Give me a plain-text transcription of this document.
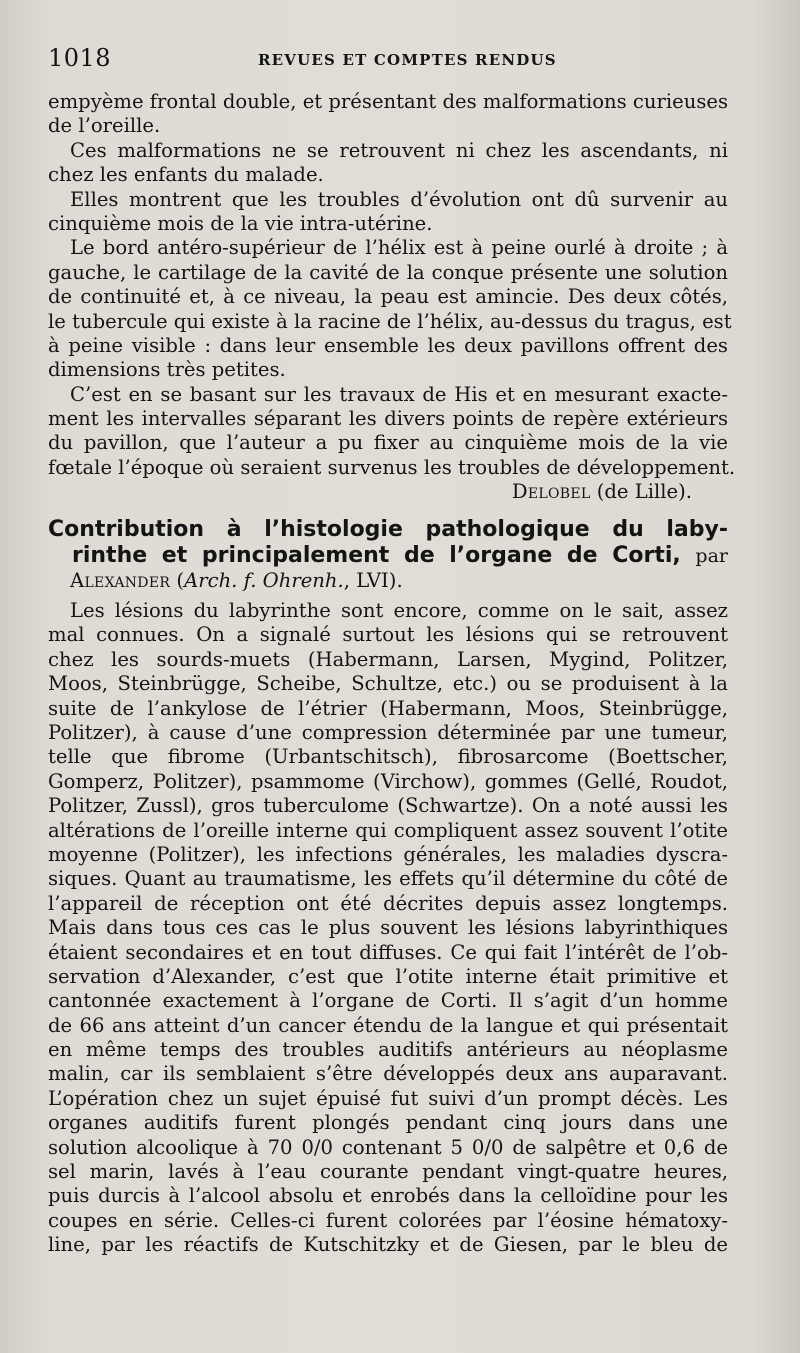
1018	REVUES ET COMPTES RENDUS
empyème frontal double, et présentant des malformations curieuses
de l’oreille.
Ces malformations ne se retrouvent ni chez les ascendants, ni
chez les enfants du malade.
Elles montrent que les troubles d’évolution ont dû survenir au
cinquième mois de la vie intra-utérine.
Le bord antéro-supérieur de l’hélix est à peine ourlé à droite ; à
gauche, le cartilage de la cavité de la conque présente une solution
de continuité et, à ce niveau, la peau est amincie. Des deux côtés,
le tubercule qui existe à la racine de l’hélix, au-dessus du tragus, est
à peine visible : dans leur ensemble les deux pavillons offrent des
dimensions très petites.
C’est en se basant sur les travaux de His et en mesurant exacte-
ment les intervalles séparant les divers points de repère extérieurs
du pavillon, que l’auteur a pu fixer au cinquième mois de la vie
fœtale l’époque où seraient survenus les troubles de développement.
Delobel (de Lille).
Contribution à l’histologie pathologique du laby-
rinthe et principalement de l’organe de Corti, par
Alexander (Arch. f. Ohrenh., LVI).
Les lésions du labyrinthe sont encore, comme on le sait, assez
mal connues. On a signalé surtout les lésions qui se retrouvent
chez les sourds-muets (Habermann, Larsen, Mygind, Politzer,
Moos, Steinbrügge, Scheibe, Schultze, etc.) ou se produisent à la
suite de l’ankylose de l’étrier (Habermann, Moos, Steinbrügge,
Politzer), à cause d’une compression déterminée par une tumeur,
telle que fibrome (Urbantschitsch), fibrosarcome (Boettscher,
Gomperz, Politzer), psammome (Virchow), gommes (Gellé, Roudot,
Politzer, Zussl), gros tuberculome (Schwartze). On a noté aussi les
altérations de l’oreille interne qui compliquent assez souvent l’otite
moyenne (Politzer), les infections générales, les maladies dyscra-
siques. Quant au traumatisme, les effets qu’il détermine du côté de
l’appareil de réception ont été décrites depuis assez longtemps.
Mais dans tous ces cas le plus souvent les lésions labyrinthiques
étaient secondaires et en tout diffuses. Ce qui fait l’intérêt de l’ob-
servation d’Alexander, c’est que l’otite interne était primitive et
cantonnée exactement à l’organe de Corti. Il s’agit d’un homme
de 66 ans atteint d’un cancer étendu de la langue et qui présentait
en même temps des troubles auditifs antérieurs au néoplasme
malin, car ils semblaient s’être développés deux ans auparavant.
L’opération chez un sujet épuisé fut suivi d’un prompt décès. Les
organes auditifs furent plongés pendant cinq jours dans une
solution alcoolique à 70 0/0 contenant 5 0/0 de salpêtre et 0,6 de
sel marin, lavés à l’eau courante pendant vingt-quatre heures,
puis durcis à l’alcool absolu et enrobés dans la celloïdine pour les
coupes en série. Celles-ci furent colorées par l’éosine hématoxy-
line, par les réactifs de Kutschitzky et de Giesen, par le bleu de
